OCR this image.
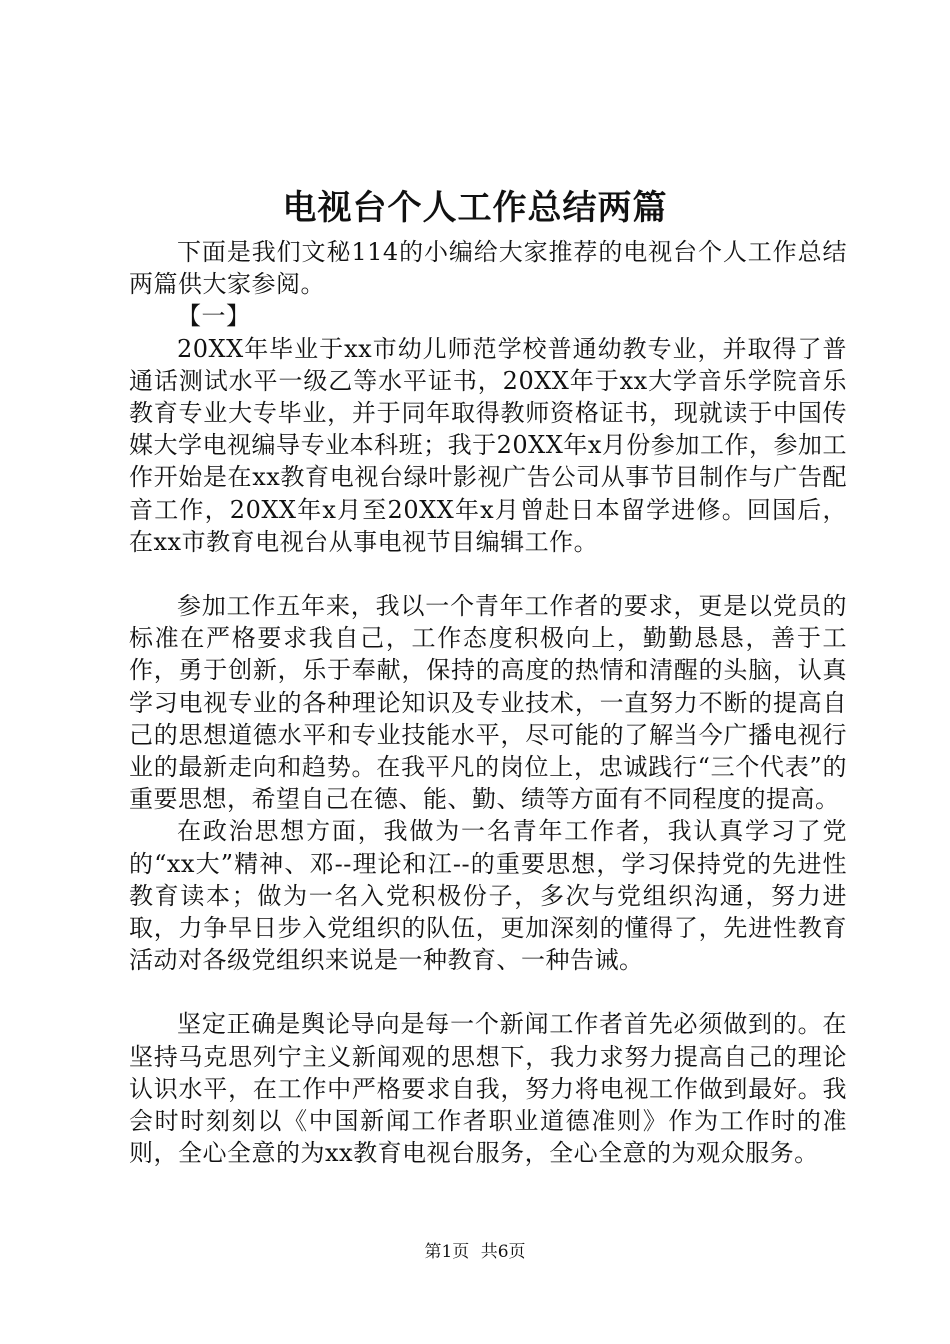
电视台个人工作总结两篇

下面是我们文秘114的小编给大家推荐的电视台个人工作总结两篇供大家参阅。

【一】

20XX年毕业于xx市幼儿师范学校普通幼教专业，并取得了普通话测试水平一级乙等水平证书，20XX年于xx大学音乐学院音乐教育专业大专毕业，并于同年取得教师资格证书，现就读于中国传媒大学电视编导专业本科班；我于20XX年x月份参加工作，参加工作开始是在xx教育电视台绿叶影视广告公司从事节目制作与广告配音工作，20XX年x月至20XX年x月曾赴日本留学进修。回国后，在xx市教育电视台从事电视节目编辑工作。

参加工作五年来，我以一个青年工作者的要求，更是以党员的标准在严格要求我自己，工作态度积极向上，勤勤恳恳，善于工作，勇于创新，乐于奉献，保持的高度的热情和清醒的头脑，认真学习电视专业的各种理论知识及专业技术，一直努力不断的提高自己的思想道德水平和专业技能水平，尽可能的了解当今广播电视行业的最新走向和趋势。在我平凡的岗位上，忠诚践行“三个代表”的重要思想，希望自己在德、能、勤、绩等方面有不同程度的提高。

在政治思想方面，我做为一名青年工作者，我认真学习了党的“xx大”精神、邓--理论和江--的重要思想，学习保持党的先进性教育读本；做为一名入党积极份子，多次与党组织沟通，努力进取，力争早日步入党组织的队伍，更加深刻的懂得了，先进性教育活动对各级党组织来说是一种教育、一种告诫。

坚定正确是舆论导向是每一个新闻工作者首先必须做到的。在坚持马克思列宁主义新闻观的思想下，我力求努力提高自己的理论认识水平，在工作中严格要求自我，努力将电视工作做到最好。我会时时刻刻以《中国新闻工作者职业道德准则》作为工作时的准则，全心全意的为xx教育电视台服务，全心全意的为观众服务。

第1页 共6页
